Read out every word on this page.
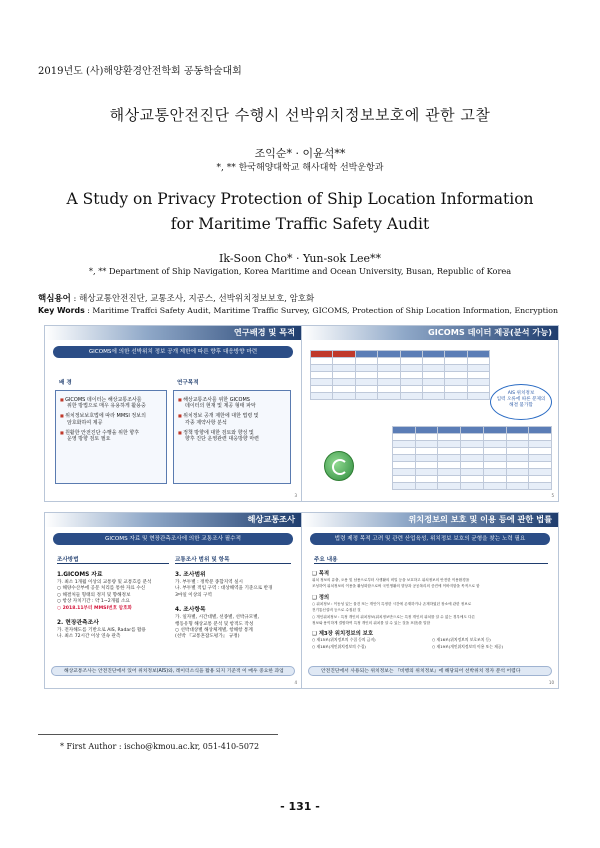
2019년도 (사)해양환경안전학회 공동학술대회
해상교통안전진단 수행시 선박위치정보보호에 관한 고찰
조익순* · 이윤석**
*, ** 한국해양대학교 해사대학 선박운항과
A Study on Privacy Protection of Ship Location Information
for Maritime Traffic Safety Audit
Ik-Soon Cho* · Yun-sok Lee**
*, ** Department of Ship Navigation, Korea Maritime and Ocean University, Busan, Republic of Korea
핵심용어 : 해상교통안전진단, 교통조사, 지공스, 선박위치정보보호, 암호화
Key Words : Maritime Traffci Safety Audit, Maritime Traffic Survey, GICOMS, Protection of Ship Location Information, Encryption
연구배경 및 목적
GICOMS에 의한 선박위치 정보 공개 제한에 따른 향후 대응방향 마련
배 경	연구목적
■ GICOMS 데이터는 해상교통조사를
위한 방법으로 매우 유용하게 활용중
■ 위치정보보호법에 따라 MMSI 정보의
암호화하여 제공
■ 원활한 안전진단 수행을 위한 향후
운영 방향 검토 필요
■ 해상교통조사를 위한 GICOMS
데이터의 현재 및 제공 형태 파악
■ 위치정보 공개 제한에 대한 법령 및
각종 제약사항 분석
■ 정책 방향에 대한 검토와 향성 및
향후 진단 운영관련 대응방향 마련
3
GICOMS 데이터 제공(분석 가능)

AIS 위치정보
입력 오류에 따른 분제의
해결 불가함

5
해상교통조사
GICOMS 자료 및 현장관측조사에 의한 교통조사 필수적
조사방법	교통조사 범위 및 항목
1.GICOMS 자료
가. 최소 1개월 이상의 교통량 및 교통흐름 분석
○ 해양수산부에 공문 처리를 통한 자료 수신
○ 해결처들 형태의 정지 및 향해정보
○ 항상 자치기간 : 약 1~2개월 소요
○ 2018.11부터 MMSI번호 암호화
2. 현장관측조사
가. 전자해도를 기반으로 AIS, Radar를 활용
나. 최소 72시간 이상 연속 관측
3. 조사범위
가. 부두별 : 정박분 종합지역 실시
나. 부두별 적임 구역 : 대상해역을 기준으로 반경
3마일 이상의 구역
4. 조사항목
가. 일자별, 시간대별, 선종별, 선박규모별,
행동유형 해상교통 분석 및 항적도 작성
○ 선박대상별 해상체계별, 항해항 통계
(선박 『교통혼잡도평가』 규정)
해상교통조사는 안전진단에서 있어 위치정보(AIS)와, 레이더소식을 활용 되지 기준적 이 매우 중요한 과업
4
위치정보의 보호 및 이용 등에 관한 법률
법령 제정 목적 고려 및 관련 산업육성, 위치정보 보호의 균형을 찾는 노력 필요
주요 내용
❑ 목적
위치 정보의 유출, 오용 및 남용으로부터 사생활의 비밀 등을 보호하고 위치정보의 안전한 이용환경을
조성하여 위치정보의 이용을 활성화함으로써 국민생활의 향상과 공공복리의 증진에 이바지함을 목적으로 함
❑ 정의
○ 위치정보 : 이동성 있는 물건 또는 개인이 특정한 시간에 존재하거나 존재하였던 장소에 관한 정보로
전기통신설비 등으로 수집된 것
○ 개인위치정보 : 특정 개인의 위치정보(위치정보만으로는 특정 개인의 위치를 알 수 없는 경우에도 다른
정보와 용이하게 결합하여 특정 개인의 위치를 알 수 있는 것을 포함)를 말함
❑ 제3장 위치정보의 보호
○ 제15조(위치정보의 수집 등의 금지)
○ 제18조(개인위치정보의 수집)
○ 제16조(위치정보의 보호조치 등)
○ 제19조(개인위치정보의 이용 또는 제공)
안전진단에서 사용되는 위치정보는 『비행의 위치정보』에 해당되어 선박위치 정자 분석 어렵다
10
* First Author : ischo@kmou.ac.kr, 051-410-5072
- 131 -
